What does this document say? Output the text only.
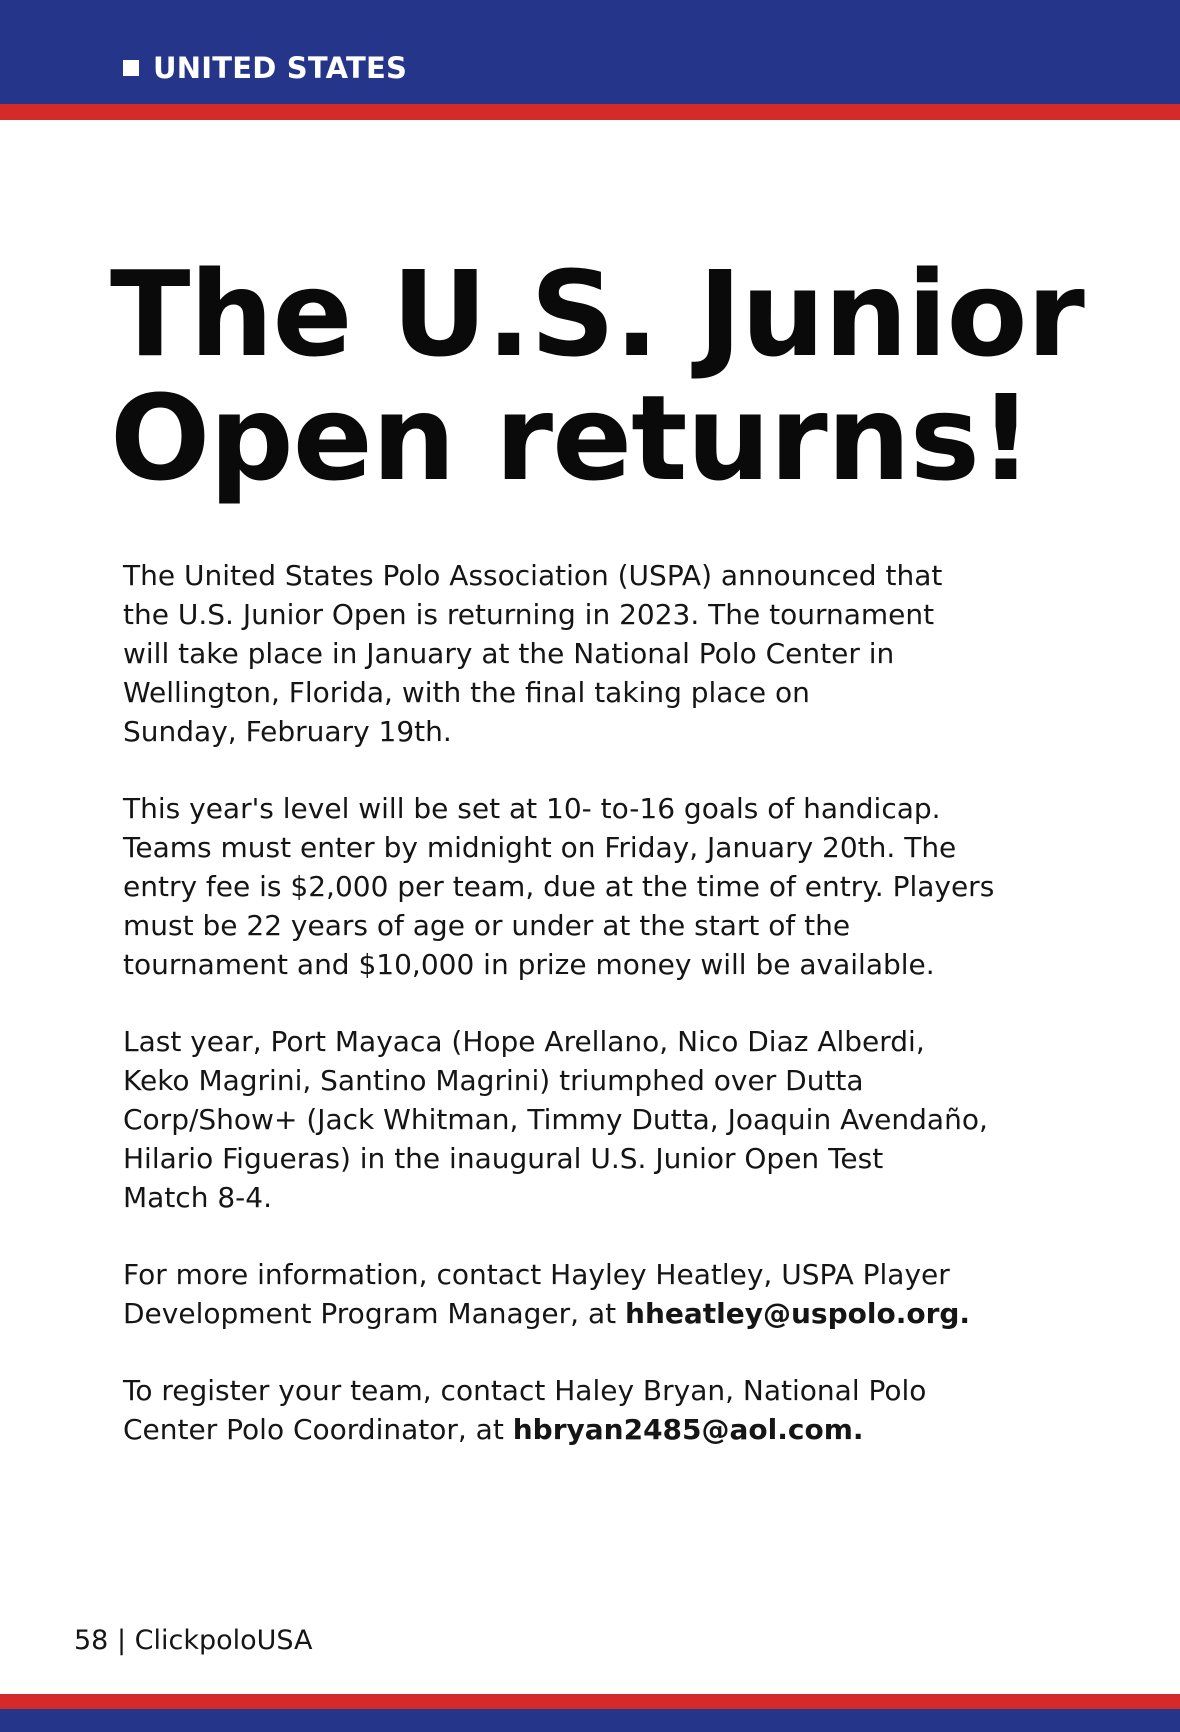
UNITED STATES
The U.S. Junior
Open returns!

The United States Polo Association (USPA) announced that
the U.S. Junior Open is returning in 2023. The tournament
will take place in January at the National Polo Center in
Wellington, Florida, with the final taking place on
Sunday, February 19th.

This year's level will be set at 10- to-16 goals of handicap.
Teams must enter by midnight on Friday, January 20th. The
entry fee is $2,000 per team, due at the time of entry. Players
must be 22 years of age or under at the start of the
tournament and $10,000 in prize money will be available.

Last year, Port Mayaca (Hope Arellano, Nico Diaz Alberdi,
Keko Magrini, Santino Magrini) triumphed over Dutta
Corp/Show+ (Jack Whitman, Timmy Dutta, Joaquin Avendaño,
Hilario Figueras) in the inaugural U.S. Junior Open Test
Match 8-4.

For more information, contact Hayley Heatley, USPA Player
Development Program Manager, at hheatley@uspolo.org.

To register your team, contact Haley Bryan, National Polo
Center Polo Coordinator, at hbryan2485@aol.com.

58 | ClickpoloUSA
